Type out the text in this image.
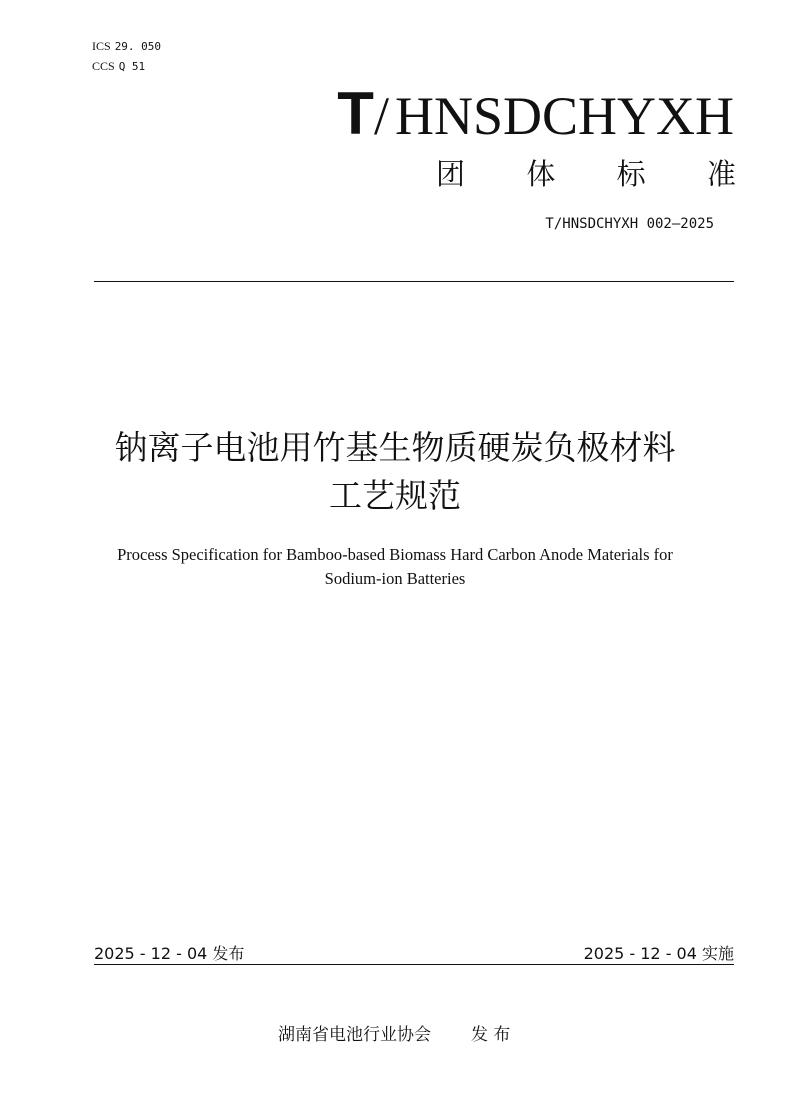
ICS 29. 050
CCS Q 51
T/ HNSDCHYXH
团 体 标 准
T/HNSDCHYXH 002—2025
钠离子电池用竹基生物质硬炭负极材料
工艺规范
Process Specification for Bamboo-based Biomass Hard Carbon Anode Materials for
Sodium-ion Batteries
2025 - 12 - 04 发布	2025 - 12 - 04 实施
湖南省电池行业协会 发 布
